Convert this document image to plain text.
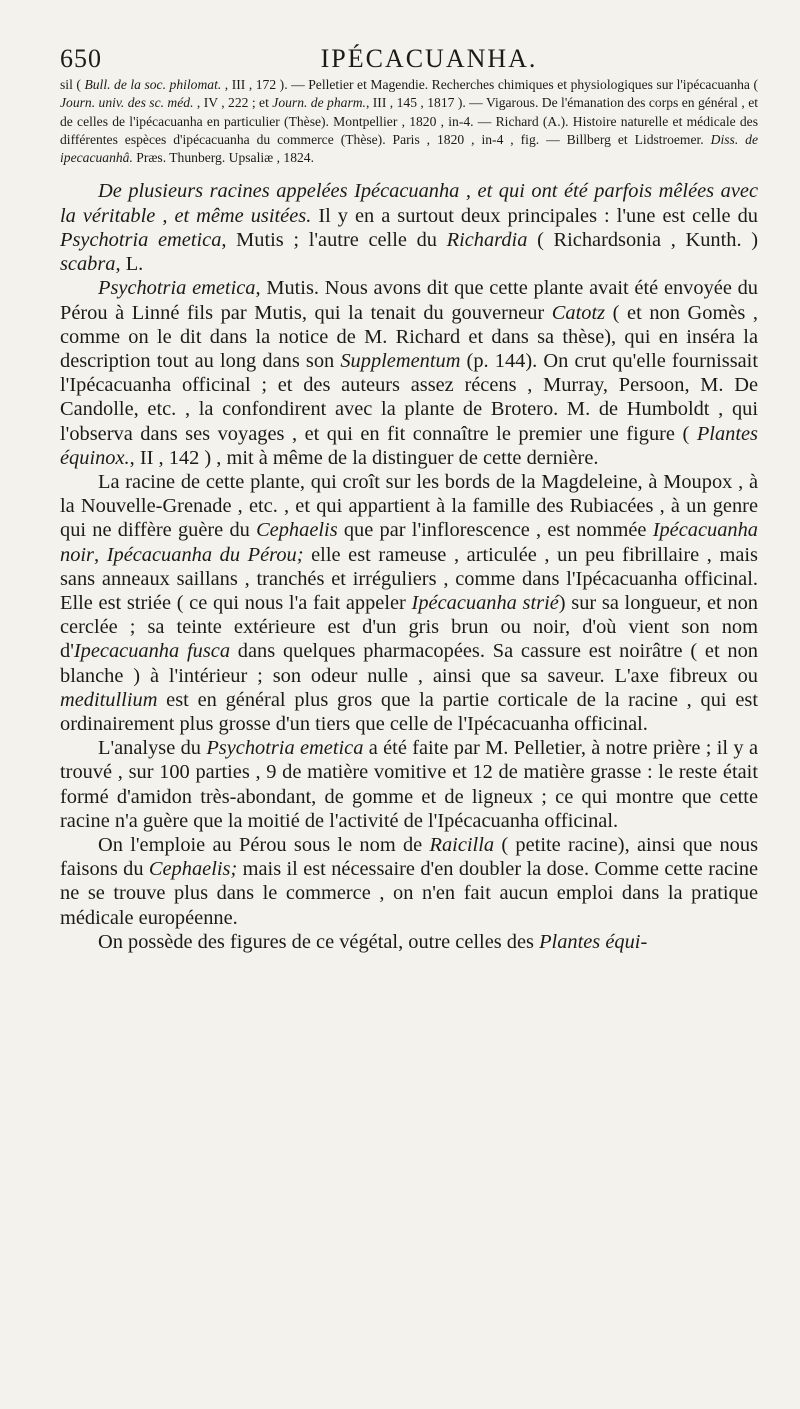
650	IPÉCACUANHA.
sil ( Bull. de la soc. philomat. , III , 172 ). — Pelletier et Magendie. Recherches chimiques et physiologiques sur l'ipécacuanha ( Journ. univ. des sc. méd. , IV , 222 ; et Journ. de pharm., III , 145 , 1817 ). — Vigarous. De l'émanation des corps en général , et de celles de l'ipécacuanha en particulier (Thèse). Montpellier , 1820 , in-4. — Richard (A.). Histoire naturelle et médicale des différentes espèces d'ipécacuanha du commerce (Thèse). Paris , 1820 , in-4 , fig. — Billberg et Lidstroemer. Diss. de ipecacuanhâ. Præs. Thunberg. Upsaliæ , 1824.

De plusieurs racines appelées Ipécacuanha , et qui ont été parfois mêlées avec la véritable , et même usitées. Il y en a surtout deux principales : l'une est celle du Psychotria emetica, Mutis ; l'autre celle du Richardia ( Richardsonia , Kunth. ) scabra, L.

Psychotria emetica, Mutis. Nous avons dit que cette plante avait été envoyée du Pérou à Linné fils par Mutis, qui la tenait du gouverneur Catotz ( et non Gomès , comme on le dit dans la notice de M. Richard et dans sa thèse), qui en inséra la description tout au long dans son Supplementum (p. 144). On crut qu'elle fournissait l'Ipécacuanha officinal ; et des auteurs assez récens , Murray, Persoon, M. De Candolle, etc. , la confondirent avec la plante de Brotero. M. de Humboldt , qui l'observa dans ses voyages , et qui en fit connaître le premier une figure ( Plantes équinox., II , 142 ) , mit à même de la distinguer de cette dernière.

La racine de cette plante, qui croît sur les bords de la Magdeleine, à Moupox , à la Nouvelle-Grenade , etc. , et qui appartient à la famille des Rubiacées , à un genre qui ne diffère guère du Cephaelis que par l'inflorescence , est nommée Ipécacuanha noir, Ipécacuanha du Pérou; elle est rameuse , articulée , un peu fibrillaire , mais sans anneaux saillans , tranchés et irréguliers , comme dans l'Ipécacuanha officinal. Elle est striée ( ce qui nous l'a fait appeler Ipécacuanha strié) sur sa longueur, et non cerclée ; sa teinte extérieure est d'un gris brun ou noir, d'où vient son nom d'Ipecacuanha fusca dans quelques pharmacopées. Sa cassure est noirâtre ( et non blanche ) à l'intérieur ; son odeur nulle , ainsi que sa saveur. L'axe fibreux ou meditullium est en général plus gros que la partie corticale de la racine , qui est ordinairement plus grosse d'un tiers que celle de l'Ipécacuanha officinal.

L'analyse du Psychotria emetica a été faite par M. Pelletier, à notre prière ; il y a trouvé , sur 100 parties , 9 de matière vomitive et 12 de matière grasse : le reste était formé d'amidon très-abondant, de gomme et de ligneux ; ce qui montre que cette racine n'a guère que la moitié de l'activité de l'Ipécacuanha officinal.

On l'emploie au Pérou sous le nom de Raicilla ( petite racine), ainsi que nous faisons du Cephaelis; mais il est nécessaire d'en doubler la dose. Comme cette racine ne se trouve plus dans le commerce , on n'en fait aucun emploi dans la pratique médicale européenne.

On possède des figures de ce végétal, outre celles des Plantes équi-
